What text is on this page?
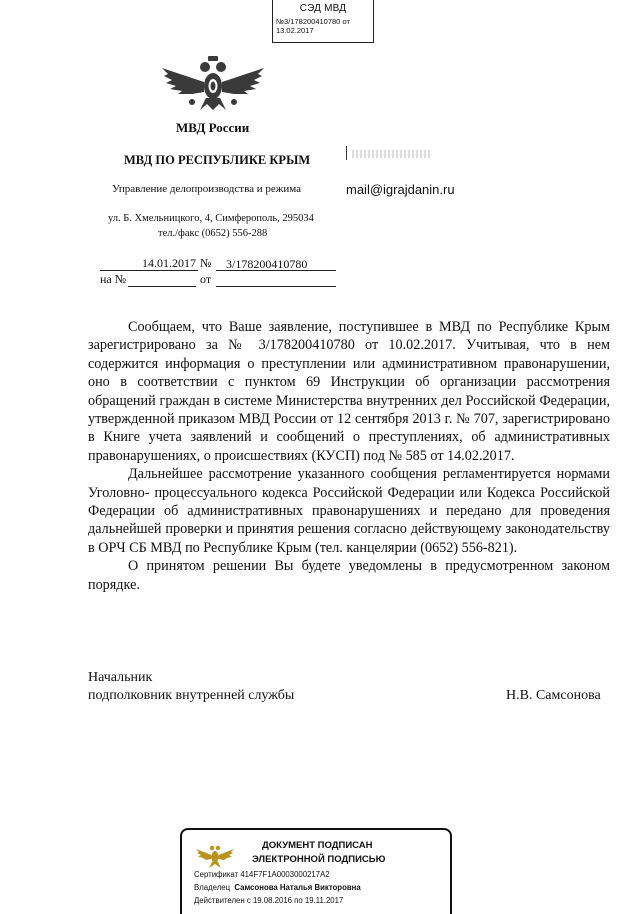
СЭД МВД
№3/178200410780 от
13.02.2017
МВД России
МВД ПО РЕСПУБЛИКЕ КРЫМ
Управление делопроизводства и режима
ул. Б. Хмельницкого, 4, Симферополь, 295034
тел./факс (0652) 556-288
mail@igrajdanin.ru
14.01.2017 №	3/178200410780
на №	от

Сообщаем, что Ваше заявление, поступившее в МВД по Республике Крым зарегистрировано за № 3/178200410780 от 10.02.2017. Учитывая, что в нем содержится информация о преступлении или административном правонарушении, оно в соответствии с пунктом 69 Инструкции об организации рассмотрения обращений граждан в системе Министерства внутренних дел Российской Федерации, утвержденной приказом МВД России от 12 сентября 2013 г. № 707, зарегистрировано в Книге учета заявлений и сообщений о преступлениях, об административных правонарушениях, о происшествиях (КУСП) под № 585 от 14.02.2017.

Дальнейшее рассмотрение указанного сообщения регламентируется нормами Уголовно- процессуального кодекса Российской Федерации или Кодекса Российской Федерации об административных правонарушениях и передано для проведения дальнейшей проверки и принятия решения согласно действующему законодательству в ОРЧ СБ МВД по Республике Крым (тел. канцелярии (0652) 556-821).

О принятом решении Вы будете уведомлены в предусмотренном законом порядке.

Начальник
подполковник внутренней службы	Н.В. Самсонова
ДОКУМЕНТ ПОДПИСАН
ЭЛЕКТРОННОЙ ПОДПИСЬЮ
Сертификат 414F7F1A0003000217A2
Владелец Самсонова Наталья Викторовна
Действителен с 19.08.2016 по 19.11.2017
